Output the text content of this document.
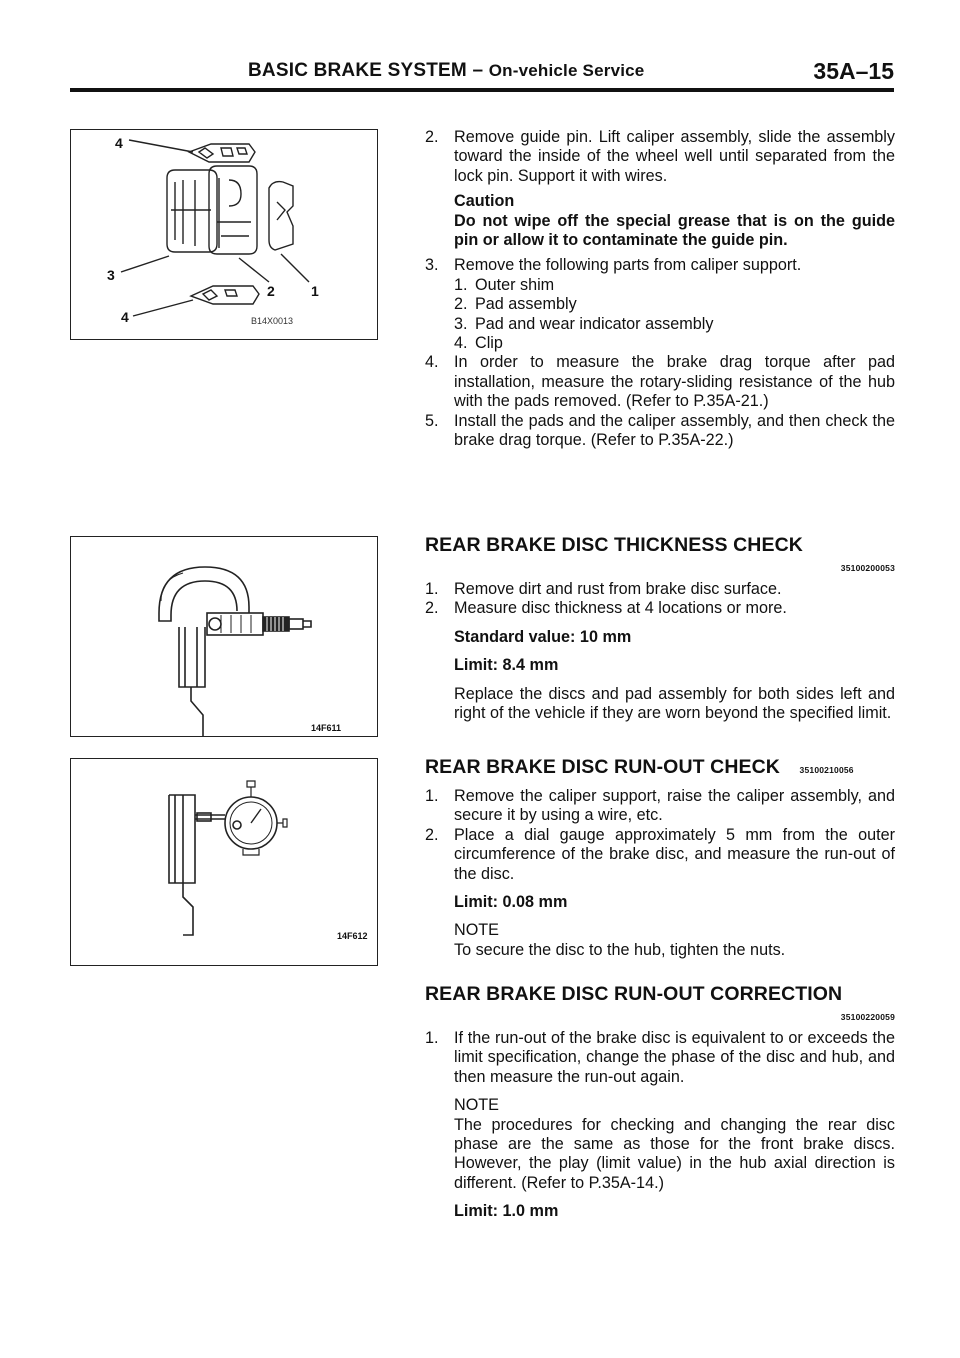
BASIC BRAKE SYSTEM – On-vehicle Service	35A–15
4
3
2	1
4	B14X0013
14F611
14F612
2. Remove guide pin. Lift caliper assembly, slide the assembly toward the inside of the wheel well until separated from the lock pin. Support it with wires.
Caution
Do not wipe off the special grease that is on the guide pin or allow it to contaminate the guide pin.
3. Remove the following parts from caliper support.
1. Outer shim
2. Pad assembly
3. Pad and wear indicator assembly
4. Clip
4. In order to measure the brake drag torque after pad installation, measure the rotary-sliding resistance of the hub with the pads removed. (Refer to P.35A-21.)
5. Install the pads and the caliper assembly, and then check the brake drag torque. (Refer to P.35A-22.)
REAR BRAKE DISC THICKNESS CHECK
35100200053
1. Remove dirt and rust from brake disc surface.
2. Measure disc thickness at 4 locations or more.
Standard value: 10 mm
Limit: 8.4 mm
Replace the discs and pad assembly for both sides left and right of the vehicle if they are worn beyond the specified limit.
REAR BRAKE DISC RUN-OUT CHECK 35100210056
1. Remove the caliper support, raise the caliper assembly, and secure it by using a wire, etc.
2. Place a dial gauge approximately 5 mm from the outer circumference of the brake disc, and measure the run-out of the disc.
Limit: 0.08 mm
NOTE
To secure the disc to the hub, tighten the nuts.
REAR BRAKE DISC RUN-OUT CORRECTION
35100220059
1. If the run-out of the brake disc is equivalent to or exceeds the limit specification, change the phase of the disc and hub, and then measure the run-out again.
NOTE
The procedures for checking and changing the rear disc phase are the same as those for the front brake discs. However, the play (limit value) in the hub axial direction is different. (Refer to P.35A-14.)
Limit: 1.0 mm
